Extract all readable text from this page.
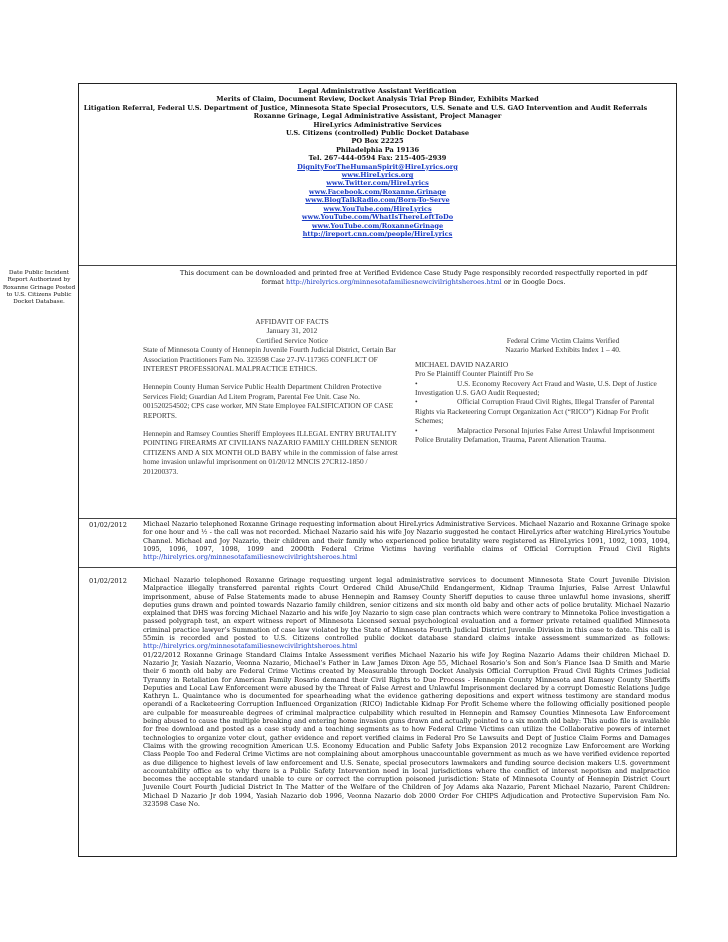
Legal Administrative Assistant Verification
Merits of Claim, Document Review, Docket Analysis Trial Prep Binder, Exhibits Marked
Litigation Referral, Federal U.S. Department of Justice, Minnesota State Special Prosecutors, U.S. Senate and U.S. GAO Intervention and Audit Referrals
Roxanne Grinage, Legal Administrative Assistant, Project Manager
HireLyrics Administrative Services
U.S. Citizens (controlled) Public Docket Database
PO Box 22225
Philadelphia Pa 19136
Tel. 267-444-0594 Fax: 215-405-2939
DignityForTheHumanSpirit@HireLyrics.org
www.HireLyrics.org
www.Twitter.com/HireLyrics
www.Facebook.com/Roxanne.Grinage
www.BlogTalkRadio.com/Born-To-Serve
www.YouTube.com/HireLyrics
www.YouTube.com/WhatIsThereLeftToDo
www.YouTube.com/RoxanneGrinage
http://ireport.cnn.com/people/HireLyrics
Date Public Incident Report Authorized by Roxanne Grinage Posted to U.S. Citizens Public Docket Database.
This document can be downloaded and printed free at Verified Evidence Case Study Page responsibly recorded respectfully reported in pdf format http://hirelyrics.org/minnesotafamiliesnewcivilrightsheroes.html or in Google Docs.
AFFIDAVIT OF FACTS
January 31, 2012
Certified Service Notice
State of Minnesota County of Hennepin Juvenile Fourth Judicial District, Certain Bar Association Practitioners Fam No. 323598 Case 27-JV-117365 CONFLICT OF INTEREST PROFESSIONAL MALPRACTICE ETHICS.
Hennepin County Human Service Public Health Department Children Protective Services Field; Guardian Ad Litem Program, Parental Fee Unit. Case No. 001520254502; CPS case worker, MN State Employee FALSIFICATION OF CASE REPORTS.
Hennepin and Ramsey Counties Sheriff Employees ILLEGAL ENTRY BRUTALITY POINTING FIREARMS AT CIVILIANS NAZARIO FAMILY CHILDREN SENIOR CITIZENS AND A SIX MONTH OLD BABY while in the commission of false arrest home invasion unlawful imprisonment on 01/20/12 MNCIS 27CR12-1850 / 201200373.
Federal Crime Victim Claims Verified
Nazario Marked Exhibits Index 1 – 40.
MICHAEL DAVID NAZARIO
Pro Se Plaintiff Counter Plaintiff Pro Se
•	U.S. Economy Recovery Act Fraud and Waste, U.S. Dept of Justice Investigation U.S. GAO Audit Requested;
•	Official Corruption Fraud Civil Rights, Illegal Transfer of Parental Rights via Racketeering Corrupt Organization Act (“RICO”) Kidnap For Profit Schemes;
•	Malpractice Personal Injuries False Arrest Unlawful Imprisonment Police Brutality Defamation, Trauma, Parent Alienation Trauma.
01/02/2012 Michael Nazario telephoned Roxanne Grinage requesting information about HireLyrics Administrative Services. Michael Nazario and Roxanne Grinage spoke for one hour and ½ - the call was not recorded. Michael Nazario said his wife Joy Nazario suggested he contact HireLyrics after watching HireLyrics Youtube Channel. Michael and Joy Nazario, their children and their family who experienced police brutality were registered as HireLyrics 1091, 1092, 1093, 1094, 1095, 1096, 1097, 1098, 1099 and 2000th Federal Crime Victims having verifiable claims of Official Corruption Fraud Civil Rights http://hirelyrics.org/minnesotafamiliesnewcivilrightsheroes.html
01/02/2012 Michael Nazario telephoned Roxanne Grinage requesting urgent legal administrative services to document Minnesota State Court Juvenile Division Malpractice illegally transferred parental rights Court Ordered Child Abuse/Child Endangerment, Kidnap Trauma Injuries, False Arrest Unlawful imprisonment, abuse of False Statements made to abuse Hennepin and Ramsey County Sheriff deputies to cause three unlawful home invasions, sheriff deputies guns drawn and pointed towards Nazario family children, senior citizens and six month old baby and other acts of police brutality. Michael Nazario explained that DHS was forcing Michael Nazario and his wife Joy Nazario to sign case plan contracts which were contrary to Minnetoka Police investigation a passed polygraph test, an expert witness report of Minnesota Licensed sexual psychological evaluation and a former private retained qualified Minnesota criminal practice lawyer’s Summation of case law violated by the State of Minnesota Fourth Judicial District Juvenile Division in this case to date. This call is 55min is recorded and posted to U.S. Citizens controlled public docket database standard claims intake assessment summarized as follows: http://hirelyrics.org/minnesotafamiliesnewcivilrightsheroes.html
01/22/2012 Roxanne Grinage Standard Claims Intake Assessment verifies Michael Nazario his wife Joy Regina Nazario Adams their children Michael D. Nazario Jr, Yasiah Nazario, Veonna Nazario, Michael’s Father in Law James Dixon Age 55, Michael Rosario’s Son and Son’s Fiance Isaa D Smith and Marie their 6 month old baby are Federal Crime Victims created by Measurable through Docket Analysis Official Corruption Fraud Civil Rights Crimes Judicial Tyranny in Retaliation for American Family Rosario demand their Civil Rights to Due Process - Hennepin County Minnesota and Ramsey County Sheriffs Deputies and Local Law Enforcement were abused by the Threat of False Arrest and Unlawful Imprisonment declared by a corrupt Domestic Relations Judge Kathryn L. Quaintance who is documented for spearheading what the evidence gathering depositions and expert witness testimony are standard modus operandi of a Racketeering Corruption Influenced Organization (RICO) Indictable Kidnap For Profit Scheme where the following officially positioned people are culpable for measureable degrees of criminal malpractice culpability which resulted in Hennepin and Ramsey Counties Minnesota Law Enforcement being abused to cause the multiple breaking and entering home invasion guns drawn and actually pointed to a six month old baby: This audio file is available for free download and posted as a case study and a teaching segments as to how Federal Crime Victims can utilize the Collaborative powers of internet technologies to organize voter clout, gather evidence and report verified claims in Federal Pro Se Lawsuits and Dept of Justice Claim Forms and Damages Claims with the growing recognition American U.S. Economy Education and Public Safety Jobs Expansion 2012 recognize Law Enforcement are Working Class People Too and Federal Crime Victims are not complaining about amorphous unaccountable government as much as we have verified evidence reported as due diligence to highest levels of law enforcement and U.S. Senate, special prosecutors lawmakers and funding source decision makers U.S. government accountability office as to why there is a Public Safety Intervention need in local jurisdictions where the conflict of interest nepotism and malpractice becomes the acceptable standard unable to cure or correct the corruption poisoned jurisdiction: State of Minnesota County of Hennepin District Court Juvenile Court Fourth Judicial District In The Matter of the Welfare of the Children of Joy Adams aka Nazario, Parent Michael Nazario, Parent Children: Michael D Nazario Jr dob 1994, Yasiah Nazario dob 1996, Veonna Nazario dob 2000 Order For CHIPS Adjudication and Protective Supervision Fam No. 323598 Case No.
